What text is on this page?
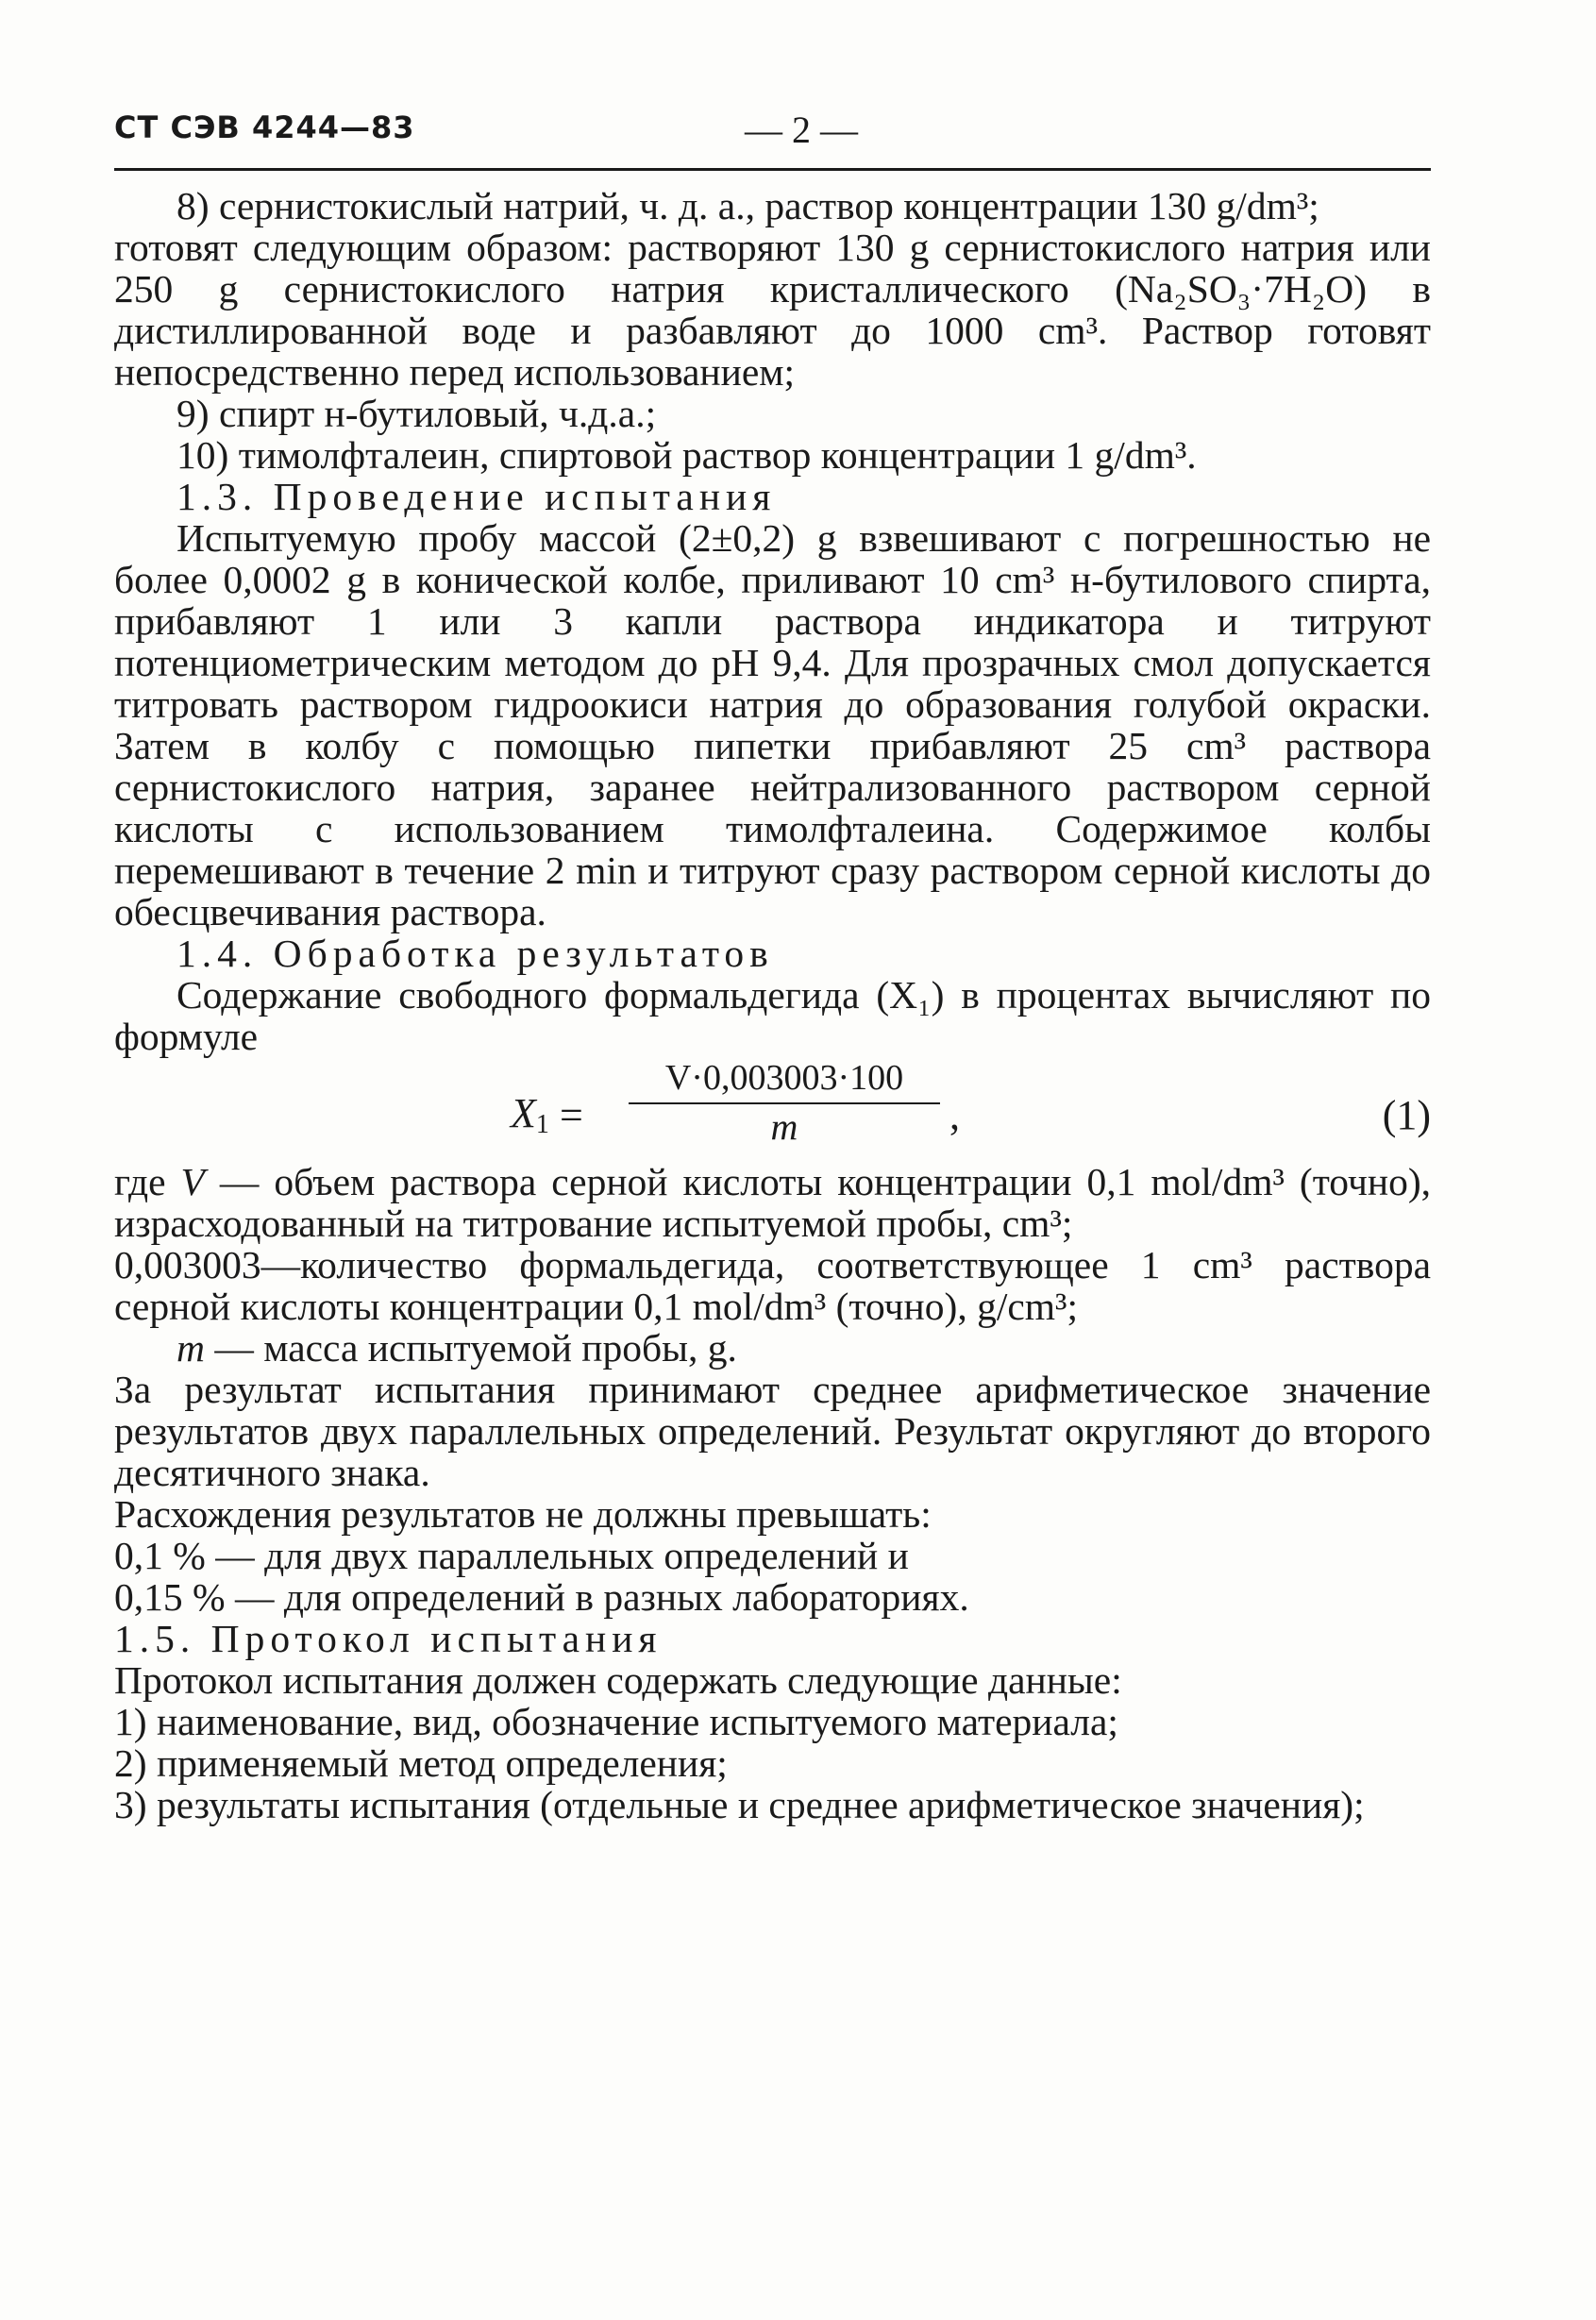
СТ СЭВ 4244—83	— 2 —
8) сернистокислый натрий, ч. д. а., раствор концентрации 130 g/dm³;
готовят следующим образом: растворяют 130 g сернистокислого натрия или 250 g сернистокислого натрия кристаллического (Na₂SO₃·7H₂O) в дистиллированной воде и разбавляют до 1000 cm³. Раствор готовят непосредственно перед использованием;
9) спирт н-бутиловый, ч.д.а.;
10) тимолфталеин, спиртовой раствор концентрации 1 g/dm³.
1.3. Проведение испытания
Испытуемую пробу массой (2±0,2) g взвешивают с погрешностью не более 0,0002 g в конической колбе, приливают 10 cm³ н-бутилового спирта, прибавляют 1 или 3 капли раствора индикатора и титруют потенциометрическим методом до pH 9,4. Для прозрачных смол допускается титровать раствором гидроокиси натрия до образования голубой окраски. Затем в колбу с помощью пипетки прибавляют 25 cm³ раствора сернистокислого натрия, заранее нейтрализованного раствором серной кислоты с использованием тимолфталеина. Содержимое колбы перемешивают в течение 2 min и титруют сразу раствором серной кислоты до обесцвечивания раствора.
1.4. Обработка результатов
Содержание свободного формальдегида (X₁) в процентах вычисляют по формуле
$X1 = \frac{V\cdot 0,003003\cdot 100}{m}$ ,	(1)
где V — объем раствора серной кислоты концентрации 0,1 mol/dm³ (точно), израсходованный на титрование испытуемой пробы, cm³;
0,003003—количество формальдегида, соответствующее 1 cm³ раствора серной кислоты концентрации 0,1 mol/dm³ (точно), g/cm³;
m — масса испытуемой пробы, g.
За результат испытания принимают среднее арифметическое значение результатов двух параллельных определений. Результат округляют до второго десятичного знака.
Расхождения результатов не должны превышать:
0,1 % — для двух параллельных определений и
0,15 % — для определений в разных лабораториях.
1.5. Протокол испытания
Протокол испытания должен содержать следующие данные:
1) наименование, вид, обозначение испытуемого материала;
2) применяемый метод определения;
3) результаты испытания (отдельные и среднее арифметическое значения);
